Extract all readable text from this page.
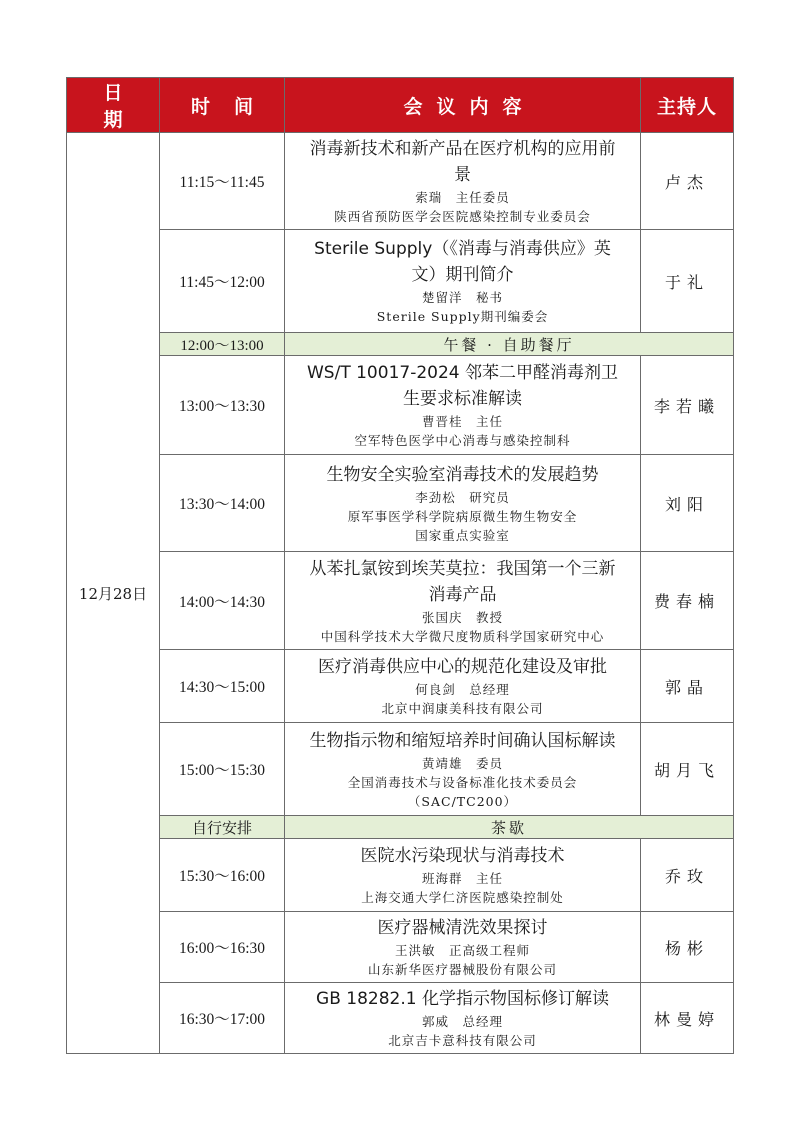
日期	时间	会议内容	主持人
12月28日	11:15～11:45	消毒新技术和新产品在医疗机构的应用前景
索瑞　主任委员
陕西省预防医学会医院感染控制专业委员会	卢杰
	11:45～12:00	Sterile Supply（《消毒与消毒供应》英文）期刊简介
楚留洋　秘书
Sterile Supply期刊编委会	于礼
	12:00～13:00	午餐 · 自助餐厅	
	13:00～13:30	WS/T 10017-2024 邻苯二甲醛消毒剂卫生要求标准解读
曹晋桂　主任
空军特色医学中心消毒与感染控制科	李若曦
	13:30～14:00	生物安全实验室消毒技术的发展趋势
李劲松　研究员
原军事医学科学院病原微生物生物安全
国家重点实验室	刘阳
	14:00～14:30	从苯扎氯铵到埃芙莫拉：我国第一个三新消毒产品
张国庆　教授
中国科学技术大学微尺度物质科学国家研究中心	费春楠
	14:30～15:00	医疗消毒供应中心的规范化建设及审批
何良剑　总经理
北京中润康美科技有限公司	郭晶
	15:00～15:30	生物指示物和缩短培养时间确认国标解读
黄靖雄　委员
全国消毒技术与设备标准化技术委员会
（SAC/TC200）	胡月飞
	自行安排	茶歇	
	15:30～16:00	医院水污染现状与消毒技术
班海群　主任
上海交通大学仁济医院感染控制处	乔玫
	16:00～16:30	医疗器械清洗效果探讨
王洪敏　正高级工程师
山东新华医疗器械股份有限公司	杨彬
	16:30～17:00	GB 18282.1 化学指示物国标修订解读
郭威　总经理
北京吉卡意科技有限公司	林曼婷
